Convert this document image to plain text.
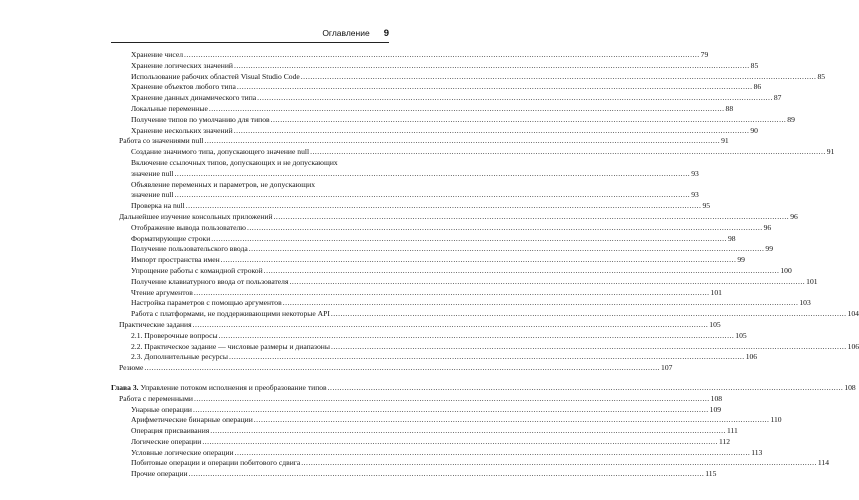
Оглавление 9
Хранение чисел .....	79
Хранение логических значений .....	85
Использование рабочих областей Visual Studio Code .....	85
Хранение объектов любого типа .....	86
Хранение данных динамического типа .....	87
Локальные переменные .....	88
Получение типов по умолчанию для типов .....	89
Хранение нескольких значений .....	90
Работа со значениями null .....	91
Создание значимого типа, допускающего значение null .....	91
Включение ссылочных типов, допускающих и не допускающих
значение null .....	93
Объявление переменных и параметров, не допускающих
значение null .....	93
Проверка на null .....	95
Дальнейшее изучение консольных приложений .....	96
Отображение вывода пользователю .....	96
Форматирующие строки .....	98
Получение пользовательского ввода .....	99
Импорт пространства имен .....	99
Упрощение работы с командной строкой .....	100
Получение клавиатурного ввода от пользователя .....	101
Чтение аргументов .....	101
Настройка параметров с помощью аргументов .....	103
Работа с платформами, не поддерживающими некоторые API .....	104
Практические задания .....	105
2.1. Проверочные вопросы .....	105
2.2. Практическое задание — числовые размеры и диапазоны .....	106
2.3. Дополнительные ресурсы .....	106
Резюме .....	107
Глава 3. Управление потоком исполнения и преобразование типов .....	108
Работа с переменными .....	108
Унарные операции .....	109
Арифметические бинарные операции .....	110
Операция присваивания .....	111
Логические операции .....	112
Условные логические операции .....	113
Побитовые операции и операции побитового сдвига .....	114
Прочие операции .....	115
